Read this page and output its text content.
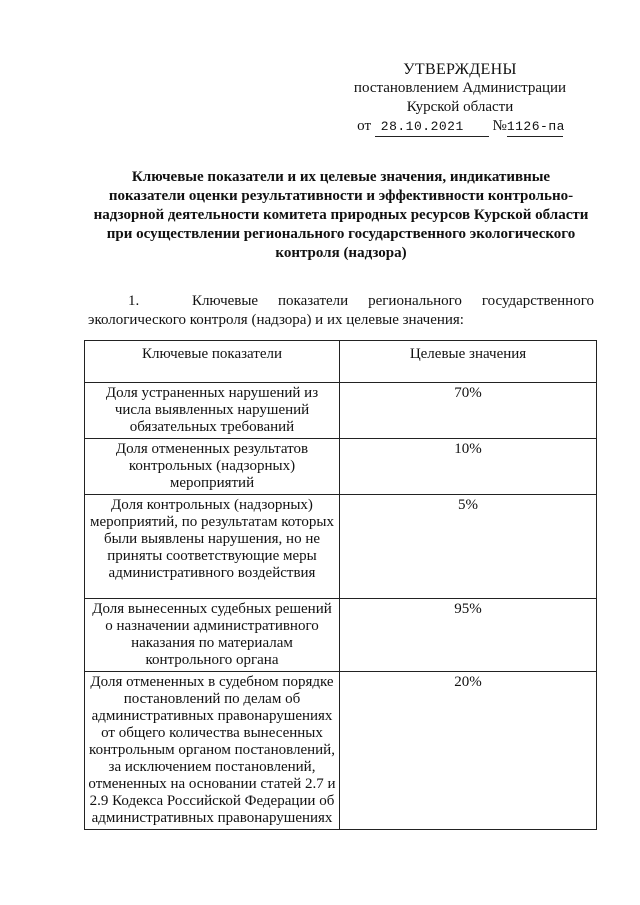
УТВЕРЖДЕНЫ
постановлением Администрации
Курской области
от 28.10.2021 №1126-па
Ключевые показатели и их целевые значения, индикативные
показатели оценки результативности и эффективности контрольно-
надзорной деятельности комитета природных ресурсов Курской области
при осуществлении регионального государственного экологического
контроля (надзора)
1.	Ключевые показатели регионального государственного
экологического контроля (надзора) и их целевые значения:
Ключевые показатели	Целевые значения
Доля устраненных нарушений из числа выявленных нарушений обязательных требований	70%
Доля отмененных результатов контрольных (надзорных) мероприятий	10%
Доля контрольных (надзорных) мероприятий, по результатам которых были выявлены нарушения, но не приняты соответствующие меры административного воздействия	5%
Доля вынесенных судебных решений о назначении административного наказания по материалам контрольного органа	95%
Доля отмененных в судебном порядке постановлений по делам об административных правонарушениях от общего количества вынесенных контрольным органом постановлений, за исключением постановлений, отмененных на основании статей 2.7 и 2.9 Кодекса Российской Федерации об административных правонарушениях	20%
